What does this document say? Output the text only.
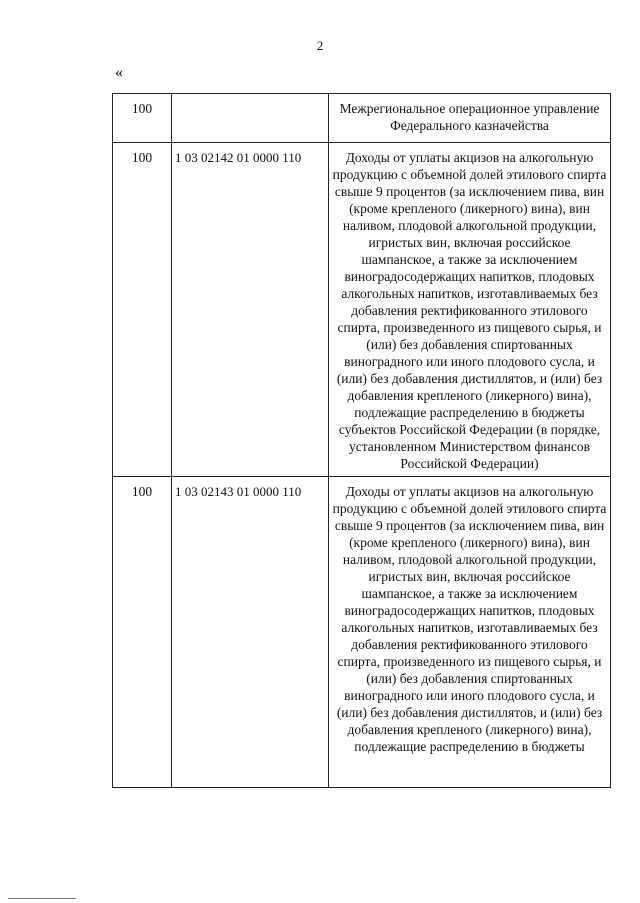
2
«
100		Межрегиональное операционное управление Федерального казначейства
100	1 03 02142 01 0000 110	Доходы от уплаты акцизов на алкогольную продукцию с объемной долей этилового спирта свыше 9 процентов (за исключением пива, вин (кроме крепленого (ликерного) вина), вин наливом, плодовой алкогольной продукции, игристых вин, включая российское шампанское, а также за исключением виноградосодержащих напитков, плодовых алкогольных напитков, изготавливаемых без добавления ректификованного этилового спирта, произведенного из пищевого сырья, и (или) без добавления спиртованных виноградного или иного плодового сусла, и (или) без добавления дистиллятов, и (или) без добавления крепленого (ликерного) вина), подлежащие распределению в бюджеты субъектов Российской Федерации (в порядке, установленном Министерством финансов Российской Федерации)
100	1 03 02143 01 0000 110	Доходы от уплаты акцизов на алкогольную продукцию с объемной долей этилового спирта свыше 9 процентов (за исключением пива, вин (кроме крепленого (ликерного) вина), вин наливом, плодовой алкогольной продукции, игристых вин, включая российское шампанское, а также за исключением виноградосодержащих напитков, плодовых алкогольных напитков, изготавливаемых без добавления ректификованного этилового спирта, произведенного из пищевого сырья, и (или) без добавления спиртованных виноградного или иного плодового сусла, и (или) без добавления дистиллятов, и (или) без добавления крепленого (ликерного) вина), подлежащие распределению в бюджеты
